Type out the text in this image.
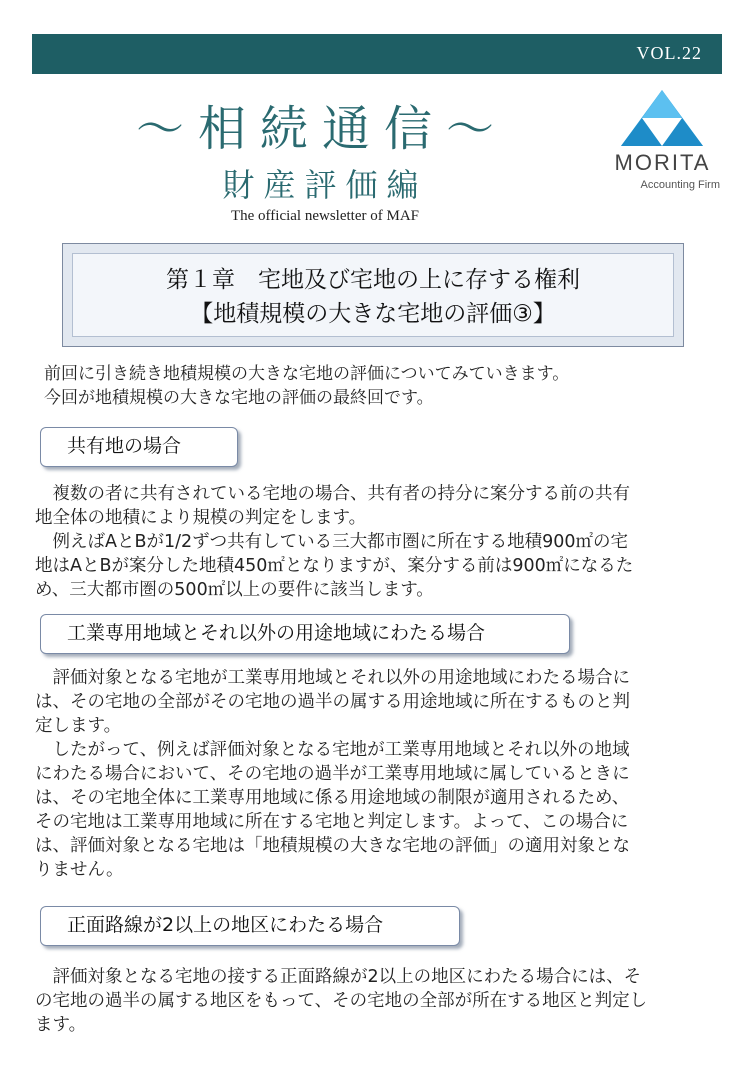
VOL.22
～相続通信～
財産評価編
The official newsletter of MAF
MORITA
Accounting Firm
第１章　宅地及び宅地の上に存する権利
【地積規模の大きな宅地の評価③】
前回に引き続き地積規模の大きな宅地の評価についてみていきます。
今回が地積規模の大きな宅地の評価の最終回です。
共有地の場合
　複数の者に共有されている宅地の場合、共有者の持分に案分する前の共有
地全体の地積により規模の判定をします。
　例えばAとBが1/2ずつ共有している三大都市圏に所在する地積900㎡の宅
地はAとBが案分した地積450㎡となりますが、案分する前は900㎡になるた
め、三大都市圏の500㎡以上の要件に該当します。
工業専用地域とそれ以外の用途地域にわたる場合
　評価対象となる宅地が工業専用地域とそれ以外の用途地域にわたる場合に
は、その宅地の全部がその宅地の過半の属する用途地域に所在するものと判
定します。
　したがって、例えば評価対象となる宅地が工業専用地域とそれ以外の地域
にわたる場合において、その宅地の過半が工業専用地域に属しているときに
は、その宅地全体に工業専用地域に係る用途地域の制限が適用されるため、
その宅地は工業専用地域に所在する宅地と判定します。よって、この場合に
は、評価対象となる宅地は「地積規模の大きな宅地の評価」の適用対象とな
りません。
正面路線が2以上の地区にわたる場合
　評価対象となる宅地の接する正面路線が2以上の地区にわたる場合には、そ
の宅地の過半の属する地区をもって、その宅地の全部が所在する地区と判定し
ます。
